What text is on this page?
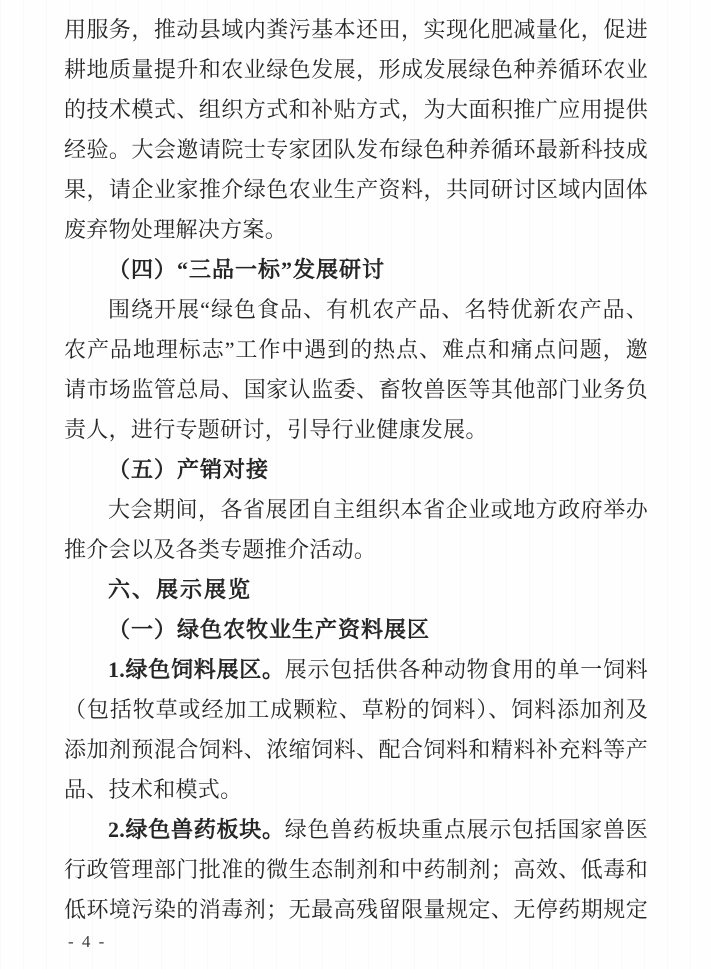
用服务，推动县域内粪污基本还田，实现化肥减量化，促进
耕地质量提升和农业绿色发展，形成发展绿色种养循环农业
的技术模式、组织方式和补贴方式，为大面积推广应用提供
经验。大会邀请院士专家团队发布绿色种养循环最新科技成
果，请企业家推介绿色农业生产资料，共同研讨区域内固体
废弃物处理解决方案。
（四）“三品一标”发展研讨
围绕开展“绿色食品、有机农产品、名特优新农产品、
农产品地理标志”工作中遇到的热点、难点和痛点问题，邀
请市场监管总局、国家认监委、畜牧兽医等其他部门业务负
责人，进行专题研讨，引导行业健康发展。
（五）产销对接
大会期间，各省展团自主组织本省企业或地方政府举办
推介会以及各类专题推介活动。
六、展示展览
（一）绿色农牧业生产资料展区
1.绿色饲料展区。展示包括供各种动物食用的单一饲料
（包括牧草或经加工成颗粒、草粉的饲料）、饲料添加剂及
添加剂预混合饲料、浓缩饲料、配合饲料和精料补充料等产
品、技术和模式。
2.绿色兽药板块。绿色兽药板块重点展示包括国家兽医
行政管理部门批准的微生态制剂和中药制剂；高效、低毒和
低环境污染的消毒剂；无最高残留限量规定、无停药期规定
- 4 -
